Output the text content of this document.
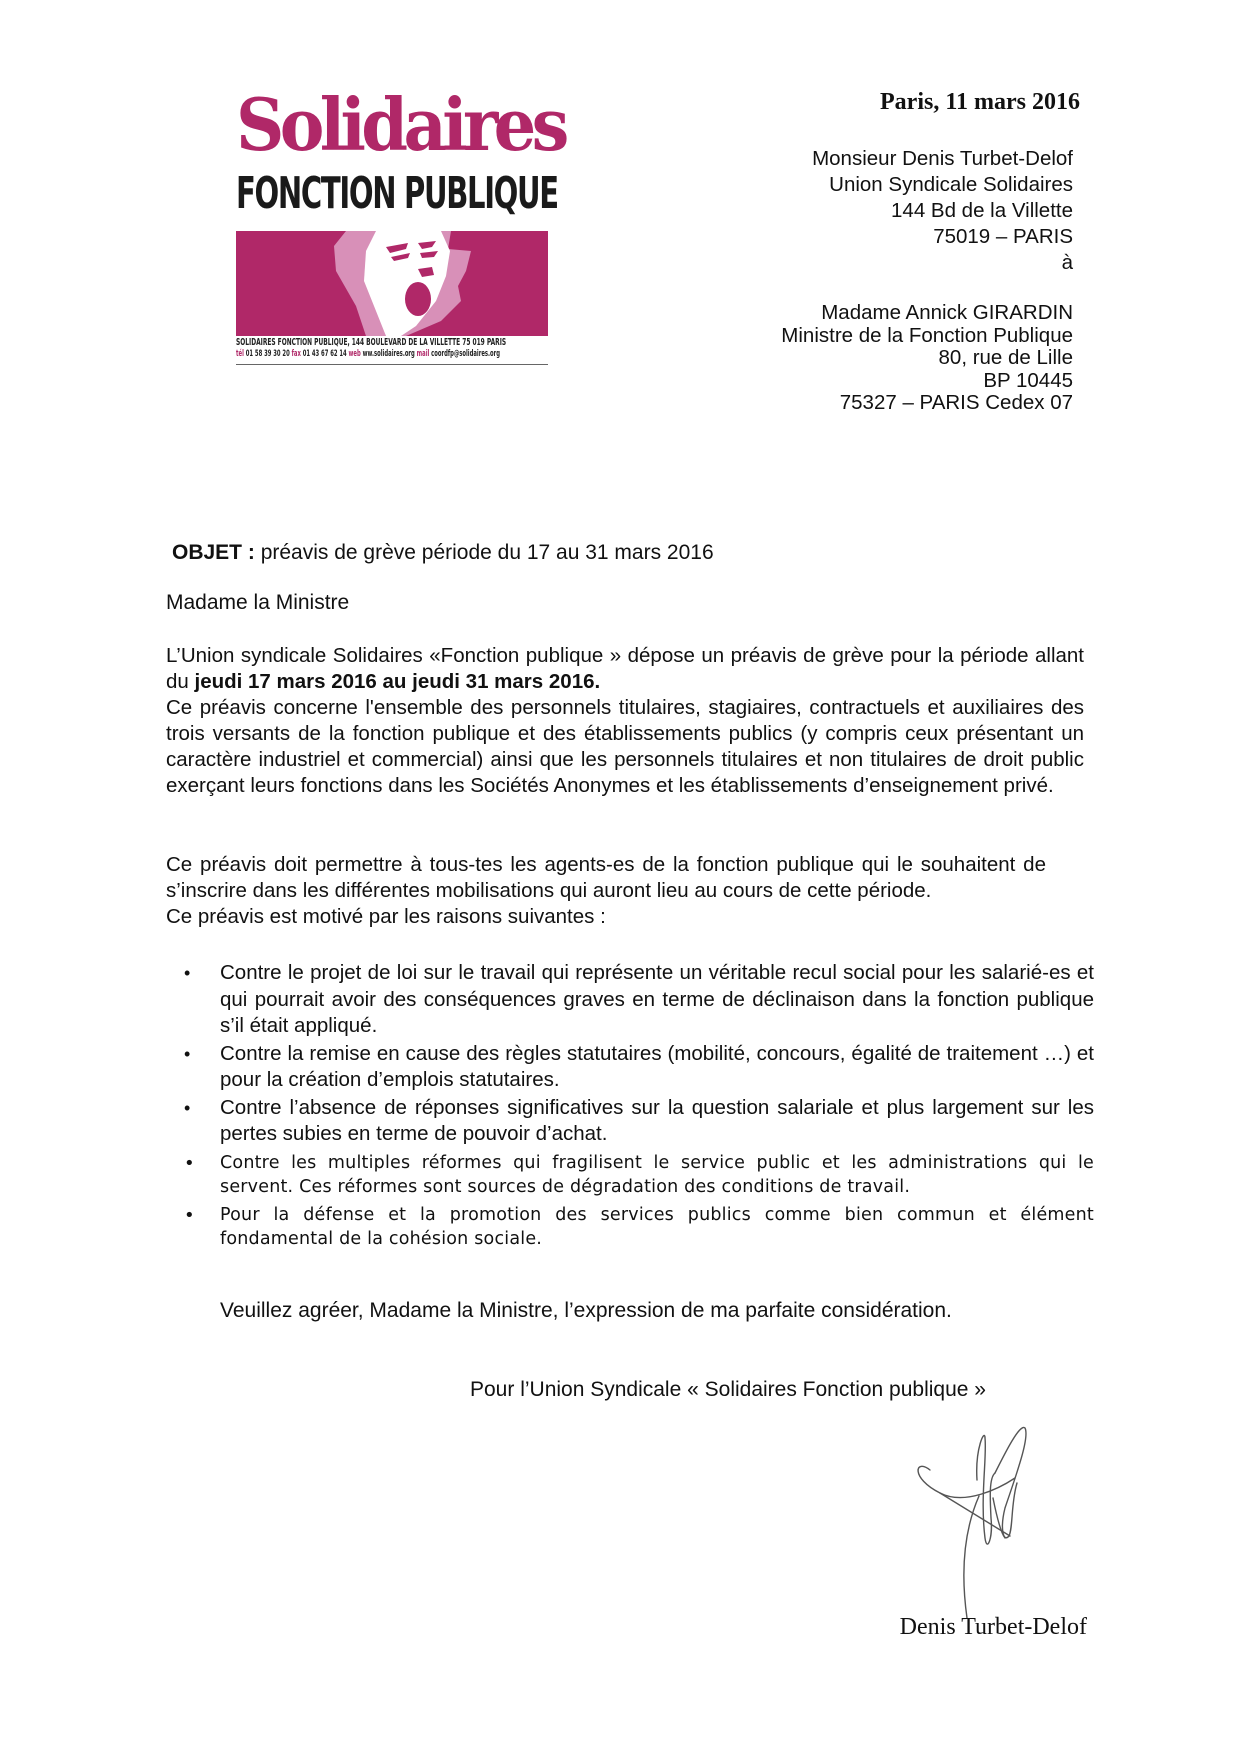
Solidaires
FONCTION PUBLIQUE
SOLIDAIRES FONCTION PUBLIQUE, 144 BOULEVARD DE LA VILLETTE 75 019 PARIS
tél 01 58 39 30 20 fax 01 43 67 62 14 web ww.solidaires.org mail coordfp@solidaires.org
Paris, 11 mars 2016
Monsieur Denis Turbet-Delof
Union Syndicale Solidaires
144 Bd de la Villette
75019 – PARIS
à
Madame Annick GIRARDIN
Ministre de la Fonction Publique
80, rue de Lille
BP 10445
75327 – PARIS Cedex 07
OBJET : préavis de grève période du 17 au 31 mars 2016
Madame la Ministre
L’Union syndicale Solidaires «Fonction publique » dépose un préavis de grève pour la période allant du jeudi 17 mars 2016 au jeudi 31 mars 2016.
Ce préavis concerne l'ensemble des personnels titulaires, stagiaires, contractuels et auxiliaires des trois versants de la fonction publique et des établissements publics (y compris ceux présentant un caractère industriel et commercial) ainsi que les personnels titulaires et non titulaires de droit public exerçant leurs fonctions dans les Sociétés Anonymes et les établissements d’enseignement privé.
Ce préavis doit permettre à tous-tes les agents-es de la fonction publique qui le souhaitent de s’inscrire dans les différentes mobilisations qui auront lieu au cours de cette période.
Ce préavis est motivé par les raisons suivantes :
• Contre le projet de loi sur le travail qui représente un véritable recul social pour les salarié-es et qui pourrait avoir des conséquences graves en terme de déclinaison dans la fonction publique s’il était appliqué.
• Contre la remise en cause des règles statutaires (mobilité, concours, égalité de traitement …) et pour la création d’emplois statutaires.
• Contre l’absence de réponses significatives sur la question salariale et plus largement sur les pertes subies en terme de pouvoir d’achat.
• Contre les multiples réformes qui fragilisent le service public et les administrations qui le servent. Ces réformes sont sources de dégradation des conditions de travail.
• Pour la défense et la promotion des services publics comme bien commun et élément fondamental de la cohésion sociale.
Veuillez agréer, Madame la Ministre, l’expression de ma parfaite considération.
Pour l’Union Syndicale « Solidaires Fonction publique »
Denis Turbet-Delof
